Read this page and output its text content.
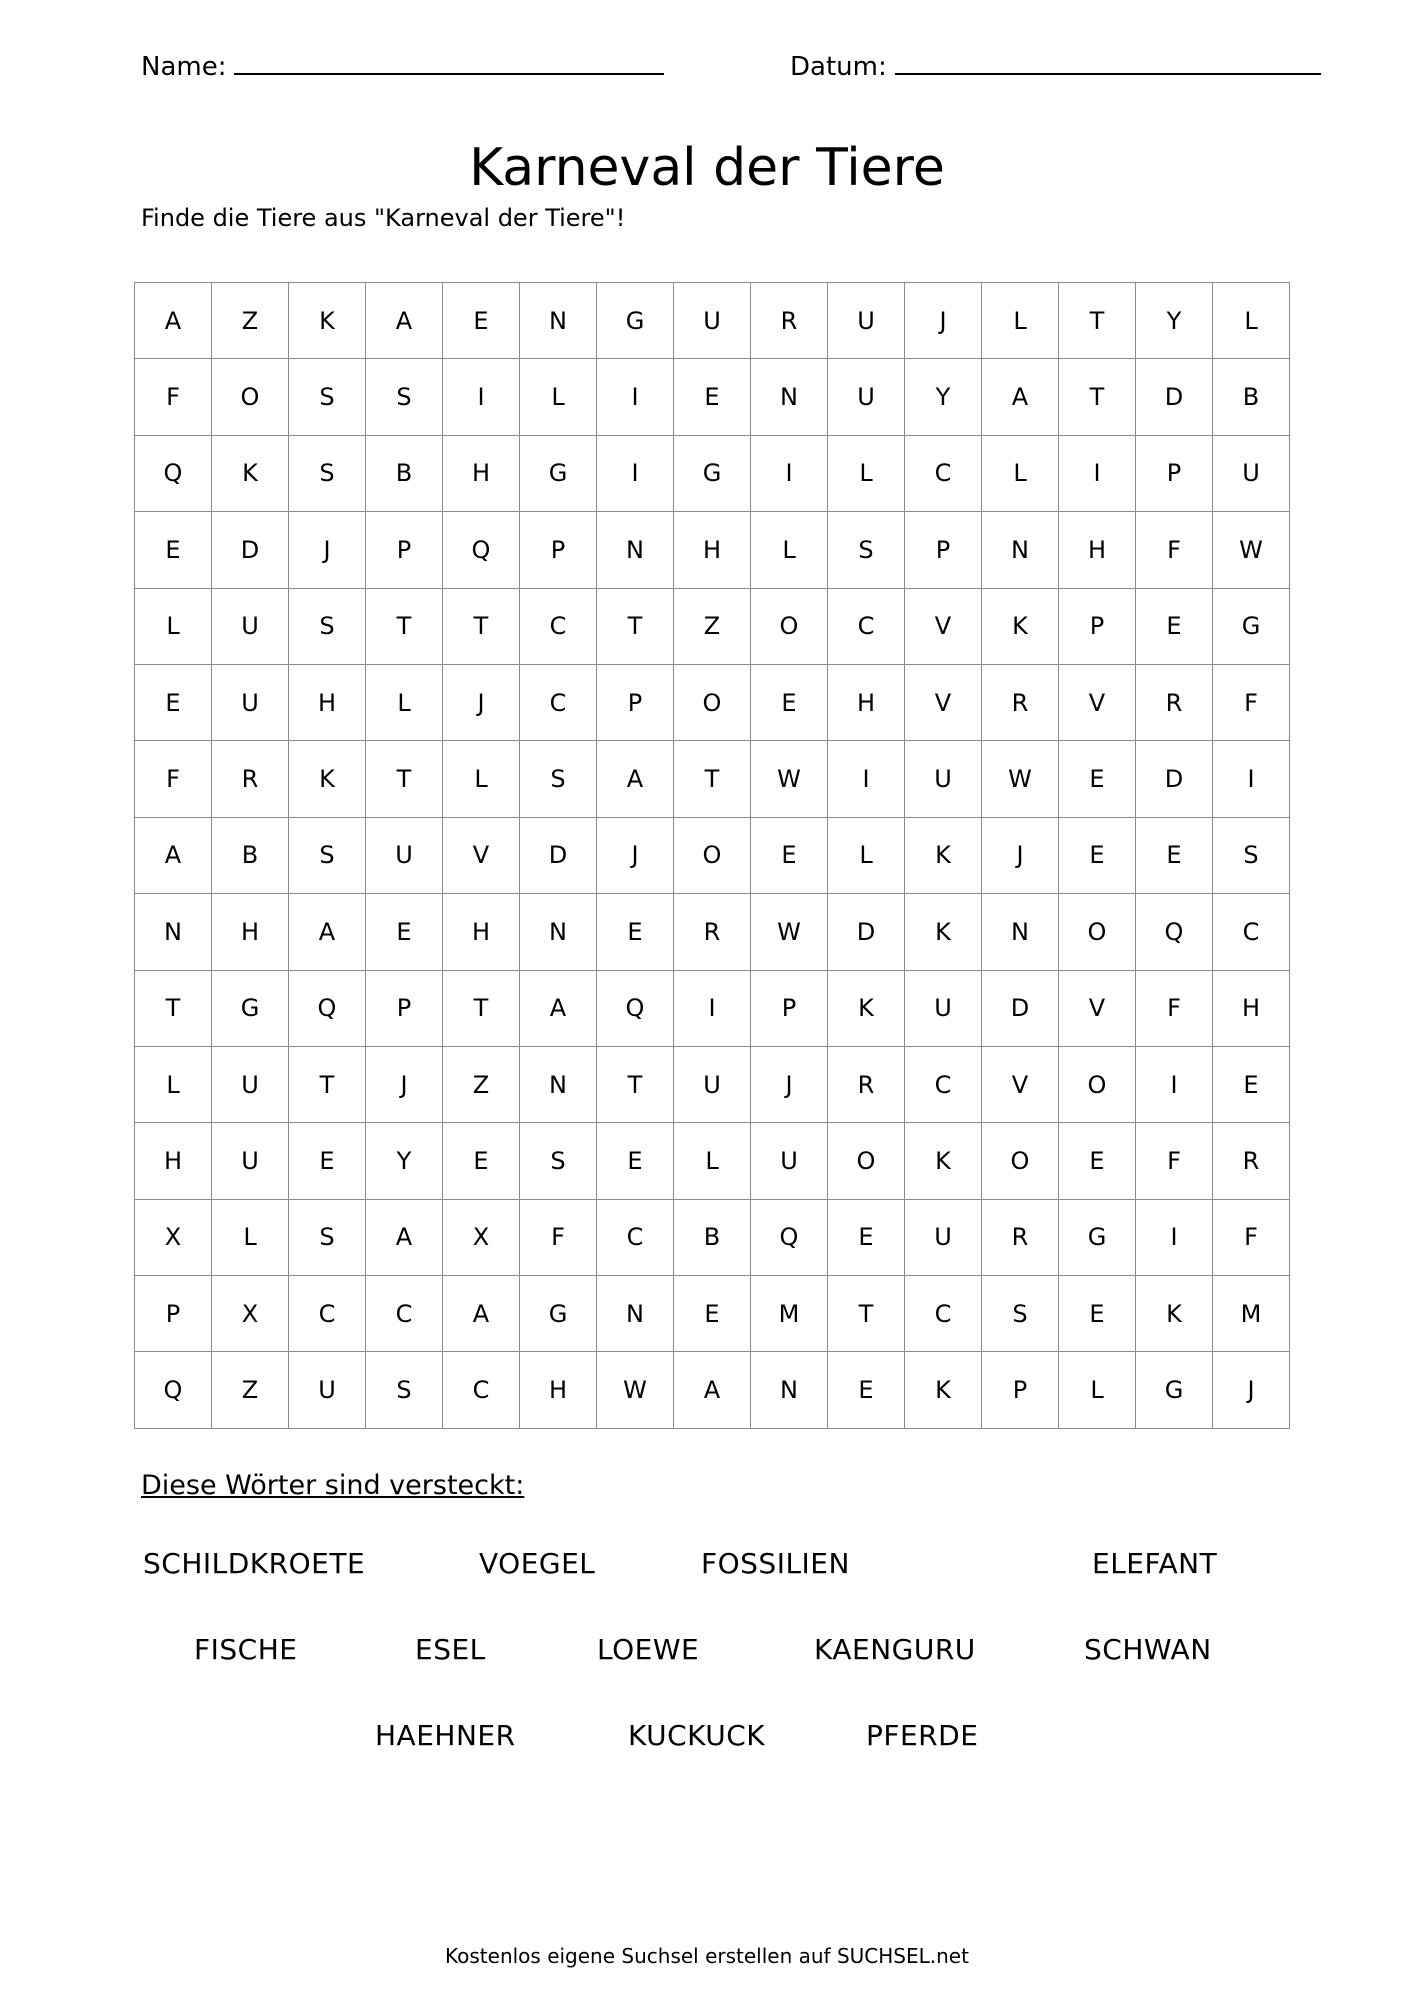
Name:	Datum:
Karneval der Tiere

Finde die Tiere aus "Karneval der Tiere"!

A	Z	K	A	E	N	G	U	R	U	J	L	T	Y	L
F	O	S	S	I	L	I	E	N	U	Y	A	T	D	B
Q	K	S	B	H	G	I	G	I	L	C	L	I	P	U
E	D	J	P	Q	P	N	H	L	S	P	N	H	F	W
L	U	S	T	T	C	T	Z	O	C	V	K	P	E	G
E	U	H	L	J	C	P	O	E	H	V	R	V	R	F
F	R	K	T	L	S	A	T	W	I	U	W	E	D	I
A	B	S	U	V	D	J	O	E	L	K	J	E	E	S
N	H	A	E	H	N	E	R	W	D	K	N	O	Q	C
T	G	Q	P	T	A	Q	I	P	K	U	D	V	F	H
L	U	T	J	Z	N	T	U	J	R	C	V	O	I	E
H	U	E	Y	E	S	E	L	U	O	K	O	E	F	R
X	L	S	A	X	F	C	B	Q	E	U	R	G	I	F
P	X	C	C	A	G	N	E	M	T	C	S	E	K	M
Q	Z	U	S	C	H	W	A	N	E	K	P	L	G	J

Diese Wörter sind versteckt:

SCHILDKROETE	VOEGEL	FOSSILIEN	ELEFANT
FISCHE	ESEL	LOEWE	KAENGURU	SCHWAN
HAEHNER	KUCKUCK	PFERDE
Kostenlos eigene Suchsel erstellen auf SUCHSEL.net
